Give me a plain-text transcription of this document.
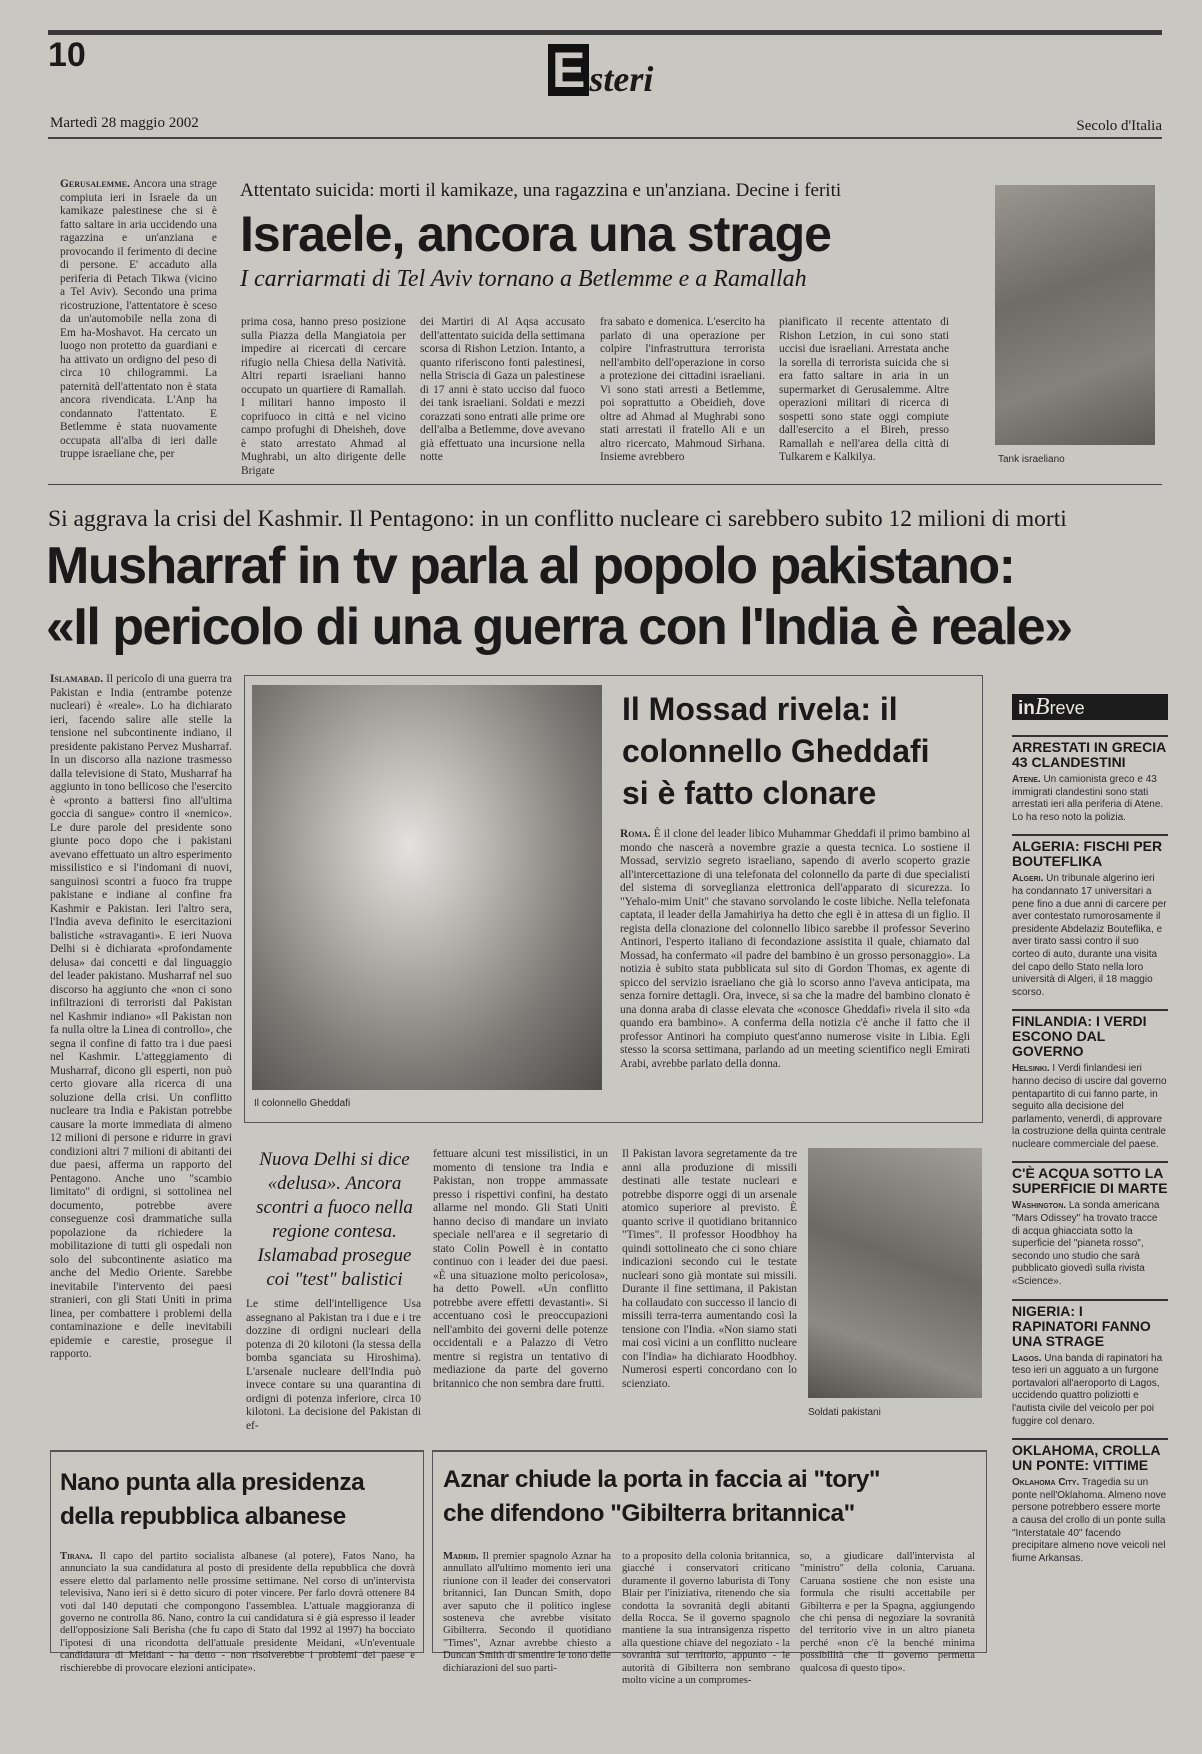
10	E steri
Martedì 28 maggio 2002	Secolo d'Italia
Gerusalemme. Ancora una strage compiuta ieri in Israele da un kamikaze palestinese che si è fatto saltare in aria uccidendo una ragazzina e un'anziana e provocando il ferimento di decine di persone. E' accaduto alla periferia di Petach Tikwa (vicino a Tel Aviv). Secondo una prima ricostruzione, l'attentatore è sceso da un'automobile nella zona di Em ha-Moshavot. Ha cercato un luogo non protetto da guardiani e ha attivato un ordigno del peso di circa 10 chilogrammi. La paternità dell'attentato non è stata ancora rivendicata. L'Anp ha condannato l'attentato. E Betlemme è stata nuovamente occupata all'alba di ieri dalle truppe israeliane che, per
Attentato suicida: morti il kamikaze, una ragazzina e un'anziana. Decine i feriti
Israele, ancora una strage
I carriarmati di Tel Aviv tornano a Betlemme e a Ramallah
prima cosa, hanno preso posizione sulla Piazza della Mangiatoia per impedire ai ricercati di cercare rifugio nella Chiesa della Natività. Altri reparti israeliani hanno occupato un quartiere di Ramallah. I militari hanno imposto il coprifuoco in città e nel vicino campo profughi di Dheisheh, dove è stato arrestato Ahmad al Mughrabi, un alto dirigente delle Brigate
dei Martiri di Al Aqsa accusato dell'attentato suicida della settimana scorsa di Rishon Letzion. Intanto, a quanto riferiscono fonti palestinesi, nella Striscia di Gaza un palestinese di 17 anni è stato ucciso dal fuoco dei tank israeliani. Soldati e mezzi corazzati sono entrati alle prime ore dell'alba a Betlemme, dove avevano già effettuato una incursione nella notte
fra sabato e domenica. L'esercito ha parlato di una operazione per colpire l'infrastruttura terrorista nell'ambito dell'operazione in corso a protezione dei cittadini israeliani. Vi sono stati arresti a Betlemme, poi soprattutto a Obeidieh, dove oltre ad Ahmad al Mughrabi sono stati arrestati il fratello Ali e un altro ricercato, Mahmoud Sirhana. Insieme avrebbero
pianificato il recente attentato di Rishon Letzion, in cui sono stati uccisi due israeliani. Arrestata anche la sorella di terrorista suicida che si era fatto saltare in aria in un supermarket di Gerusalemme. Altre operazioni militari di ricerca di sospetti sono state oggi compiute dall'esercito a el Bireh, presso Ramallah e nell'area della città di Tulkarem e Kalkilya.	Tank israeliano
Si aggrava la crisi del Kashmir. Il Pentagono: in un conflitto nucleare ci sarebbero subito 12 milioni di morti
Musharraf in tv parla al popolo pakistano:
«Il pericolo di una guerra con l'India è reale»
Islamabad. Il pericolo di una guerra tra Pakistan e India (entrambe potenze nucleari) è «reale». Lo ha dichiarato ieri, facendo salire alle stelle la tensione nel subcontinente indiano, il presidente pakistano Pervez Musharraf. In un discorso alla nazione trasmesso dalla televisione di Stato, Musharraf ha aggiunto in tono bellicoso che l'esercito è «pronto a battersi fino all'ultima goccia di sangue» contro il «nemico». Le dure parole del presidente sono giunte poco dopo che i pakistani avevano effettuato un altro esperimento missilistico e si l'indomani di nuovi, sanguinosi scontri a fuoco fra truppe pakistane e indiane al confine fra Kashmir e Pakistan. Ieri l'altro sera, l'India aveva definito le esercitazioni balistiche «stravaganti». E ieri Nuova Delhi si è dichiarata «profondamente delusa» dai concetti e dal linguaggio del leader pakistano. Musharraf nel suo discorso ha aggiunto che «non ci sono infiltrazioni di terroristi dal Pakistan nel Kashmir indiano» «Il Pakistan non fa nulla oltre la Linea di controllo», che segna il confine di fatto tra i due paesi nel Kashmir. L'atteggiamento di Musharraf, dicono gli esperti, non può certo giovare alla ricerca di una soluzione della crisi. Un conflitto nucleare tra India e Pakistan potrebbe causare la morte immediata di almeno 12 milioni di persone e ridurre in gravi condizioni altri 7 milioni di abitanti dei due paesi, afferma un rapporto del Pentagono. Anche uno "scambio limitato" di ordigni, si sottolinea nel documento, potrebbe avere conseguenze così drammatiche sulla popolazione da richiedere la mobilitazione di tutti gli ospedali non solo del subcontinente asiatico ma anche del Medio Oriente. Sarebbe inevitabile l'intervento dei paesi stranieri, con gli Stati Uniti in prima linea, per combattere i problemi della contaminazione e delle inevitabili epidemie e carestie, prosegue il rapporto.
Il colonnello Gheddafi
Il Mossad rivela: il colonnello Gheddafi si è fatto clonare
Roma. È il clone del leader libico Muhammar Gheddafi il primo bambino al mondo che nascerà a novembre grazie a questa tecnica. Lo sostiene il Mossad, servizio segreto israeliano, sapendo di averlo scoperto grazie all'intercettazione di una telefonata del colonnello da parte di due specialisti del sistema di sorveglianza elettronica dell'apparato di sicurezza. Io "Yehalo-mim Unit" che stavano sorvolando le coste libiche. Nella telefonata captata, il leader della Jamahiriya ha detto che egli è in attesa di un figlio. Il regista della clonazione del colonnello libico sarebbe il professor Severino Antinori, l'esperto italiano di fecondazione assistita il quale, chiamato dal Mossad, ha confermato «il padre del bambino è un grosso personaggio». La notizia è subito stata pubblicata sul sito di Gordon Thomas, ex agente di spicco del servizio israeliano che già lo scorso anno l'aveva anticipata, ma senza fornire dettagli. Ora, invece, si sa che la madre del bambino clonato è una donna araba di classe elevata che «conosce Gheddafi» rivela il sito «da quando era bambino». A conferma della notizia c'è anche il fatto che il professor Antinori ha compiuto quest'anno numerose visite in Libia. Egli stesso la scorsa settimana, parlando ad un meeting scientifico negli Emirati Arabi, avrebbe parlato della donna.
Nuova Delhi si dice «delusa». Ancora scontri a fuoco nella regione contesa. Islamabad prosegue coi "test" balistici
Le stime dell'intelligence Usa assegnano al Pakistan tra i due e i tre dozzine di ordigni nucleari della potenza di 20 kilotoni (la stessa della bomba sganciata su Hiroshima). L'arsenale nucleare dell'India può invece contare su una quarantina di ordigni di potenza inferiore, circa 10 kilotoni. La decisione del Pakistan di ef-
fettuare alcuni test missilistici, in un momento di tensione tra India e Pakistan, non troppe ammassate presso i rispettivi confini, ha destato allarme nel mondo. Gli Stati Uniti hanno deciso di mandare un inviato speciale nell'area e il segretario di stato Colin Powell è in contatto continuo con i leader dei due paesi. «È una situazione molto pericolosa», ha detto Powell. «Un conflitto potrebbe avere effetti devastanti». Si accentuano così le preoccupazioni nell'ambito dei governi delle potenze occidentali e a Palazzo di Vetro mentre si registra un tentativo di mediazione da parte del governo britannico che non sembra dare frutti.
Il Pakistan lavora segretamente da tre anni alla produzione di missili destinati alle testate nucleari e potrebbe disporre oggi di un arsenale atomico superiore al previsto. È quanto scrive il quotidiano britannico "Times". Il professor Hoodbhoy ha quindi sottolineato che ci sono chiare indicazioni secondo cui le testate nucleari sono già montate sui missili. Durante il fine settimana, il Pakistan ha collaudato con successo il lancio di missili terra-terra aumentando così la tensione con l'India. «Non siamo stati mai così vicini a un conflitto nucleare con l'India» ha dichiarato Hoodbhoy. Numerosi esperti concordano con lo scienziato.
Soldati pakistani
inBreve
ARRESTATI IN GRECIA 43 CLANDESTINI
Atene. Un camionista greco e 43 immigrati clandestini sono stati arrestati ieri alla periferia di Atene. Lo ha reso noto la polizia.
ALGERIA: FISCHI PER BOUTEFLIKA
Algeri. Un tribunale algerino ieri ha condannato 17 universitari a pene fino a due anni di carcere per aver contestato rumorosamente il presidente Abdelaziz Bouteflika, e aver tirato sassi contro il suo corteo di auto, durante una visita del capo dello Stato nella loro università di Algeri, il 18 maggio scorso.
FINLANDIA: I VERDI ESCONO DAL GOVERNO
Helsinki. I Verdi finlandesi ieri hanno deciso di uscire dal governo pentapartito di cui fanno parte, in seguito alla decisione del parlamento, venerdì, di approvare la costruzione della quinta centrale nucleare commerciale del paese.
C'È ACQUA SOTTO LA SUPERFICIE DI MARTE
Washington. La sonda americana "Mars Odissey" ha trovato tracce di acqua ghiacciata sotto la superficie del "pianeta rosso", secondo uno studio che sarà pubblicato giovedì sulla rivista «Science».
NIGERIA: I RAPINATORI FANNO UNA STRAGE
Lagos. Una banda di rapinatori ha teso ieri un agguato a un furgone portavalori all'aeroporto di Lagos, uccidendo quattro poliziotti e l'autista civile del veicolo per poi fuggire col denaro.
OKLAHOMA, CROLLA UN PONTE: VITTIME
Oklahoma City. Tragedia su un ponte nell'Oklahoma. Almeno nove persone potrebbero essere morte a causa del crollo di un ponte sulla "Interstatale 40" facendo precipitare almeno nove veicoli nel fiume Arkansas.
Nano punta alla presidenza della repubblica albanese
Tirana. Il capo del partito socialista albanese (al potere), Fatos Nano, ha annunciato la sua candidatura al posto di presidente della repubblica che dovrà essere eletto dal parlamento nelle prossime settimane. Nel corso di un'intervista televisiva, Nano ieri si è detto sicuro di poter vincere. Per farlo dovrà ottenere 84 voti dal 140 deputati che compongono l'assemblea. L'attuale maggioranza di governo ne controlla 86. Nano, contro la cui candidatura si è già espresso il leader dell'opposizione Sali Berisha (che fu capo di Stato dal 1992 al 1997) ha bocciato l'ipotesi di una ricondotta dell'attuale presidente Meidani, «Un'eventuale candidatura di Meidani - ha detto - non risolverebbe i problemi del paese e rischierebbe di provocare elezioni anticipate».
Aznar chiude la porta in faccia ai "tory"
che difendono "Gibilterra britannica"
Madrid. Il premier spagnolo Aznar ha annullato all'ultimo momento ieri una riunione con il leader dei conservatori britannici, Ian Duncan Smith, dopo aver saputo che il politico inglese sosteneva che avrebbe visitato Gibilterra. Secondo il quotidiano "Times", Aznar avrebbe chiesto a Duncan Smith di smentire le tono delle dichiarazioni del suo parti-
to a proposito della colonia britannica, giacché i conservatori criticano duramente il governo laburista di Tony Blair per l'iniziativa, ritenendo che sia condotta la sovranità degli abitanti della Rocca. Se il governo spagnolo mantiene la sua intransigenza rispetto alla questione chiave del negoziato - la sovranità sul territorio, appunto - le autorità di Gibilterra non sembrano molto vicine a un compromes-
so, a giudicare dall'intervista al "ministro" della colonia, Caruana. Caruana sostiene che non esiste una formula che risulti accettabile per Gibilterra e per la Spagna, aggiungendo che chi pensa di negoziare la sovranità del territorio vive in un altro pianeta perché «non c'è la benché minima possibilità che il governo permetta qualcosa di questo tipo».
